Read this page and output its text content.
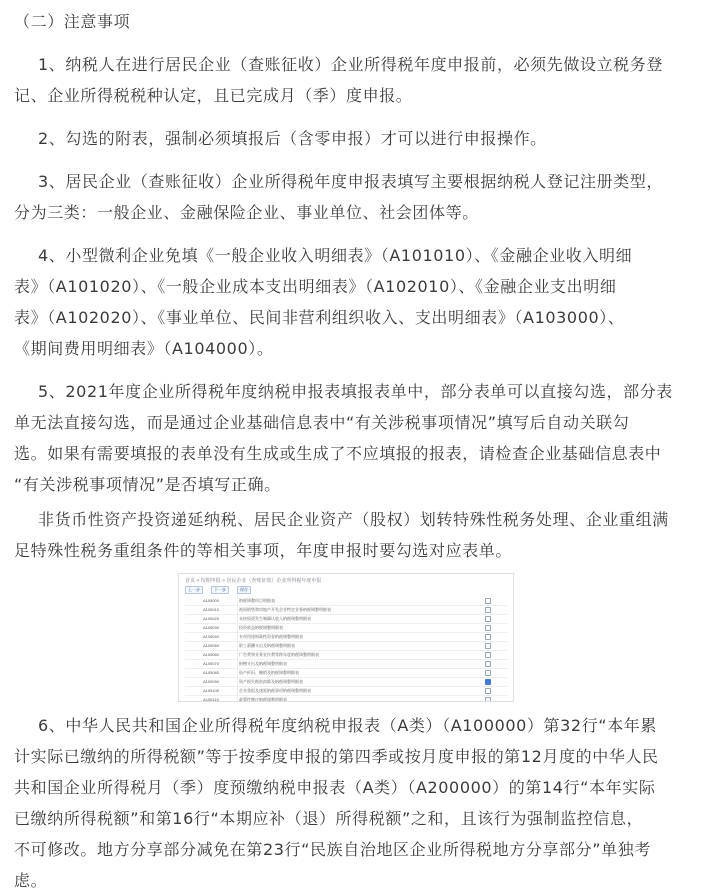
（二）注意事项

1、纳税人在进行居民企业（查账征收）企业所得税年度申报前，必须先做设立税务登
记、企业所得税税种认定，且已完成月（季）度申报。

2、勾选的附表，强制必须填报后（含零申报）才可以进行申报操作。

3、居民企业（查账征收）企业所得税年度申报表填写主要根据纳税人登记注册类型，
分为三类：一般企业、金融保险企业、事业单位、社会团体等。

4、小型微利企业免填《一般企业收入明细表》（A101010）、《金融企业收入明细
表》（A101020）、《一般企业成本支出明细表》（A102010）、《金融企业支出明细
表》（A102020）、《事业单位、民间非营利组织收入、支出明细表》（A103000）、
《期间费用明细表》（A104000）。

5、2021年度企业所得税年度纳税申报表填报表单中，部分表单可以直接勾选，部分表
单无法直接勾选，而是通过企业基础信息表中“有关涉税事项情况”填写后自动关联勾
选。如果有需要填报的表单没有生成或生成了不应填报的报表，请检查企业基础信息表中
“有关涉税事项情况”是否填写正确。

非货币性资产投资递延纳税、居民企业资产（股权）划转特殊性税务处理、企业重组满
足特殊性税务重组条件的等相关事项，年度申报时要勾选对应表单。

首页 > 按期申报 > 居民企业（查账征收）企业所得税年度申报
上一步	下一步	保存
A105000	纳税调整项目明细表
A105010	视同销售和房地产开发企业特定业务纳税调整明细表
A105020	未按权责发生制确认收入纳税调整明细表
A105030	投资收益纳税调整明细表
A105040	专项用途财政性资金纳税调整明细表
A105050	职工薪酬支出及纳税调整明细表
A105060	广告费和业务宣传费等跨年度纳税调整明细表
A105070	捐赠支出及纳税调整明细表
A105080	资产折旧、摊销及纳税调整明细表
A105090	资产损失税前扣除及纳税调整明细表
A105100	企业重组及递延纳税事项纳税调整明细表
A105110	政策性搬迁纳税调整明细表

6、中华人民共和国企业所得税年度纳税申报表（A类）（A100000）第32行“本年累
计实际已缴纳的所得税额”等于按季度申报的第四季或按月度申报的第12月度的中华人民
共和国企业所得税月（季）度预缴纳税申报表（A类）（A200000）的第14行“本年实际
已缴纳所得税额”和第16行“本期应补（退）所得税额”之和，且该行为强制监控信息，
不可修改。地方分享部分减免在第23行“民族自治地区企业所得税地方分享部分”单独考
虑。
